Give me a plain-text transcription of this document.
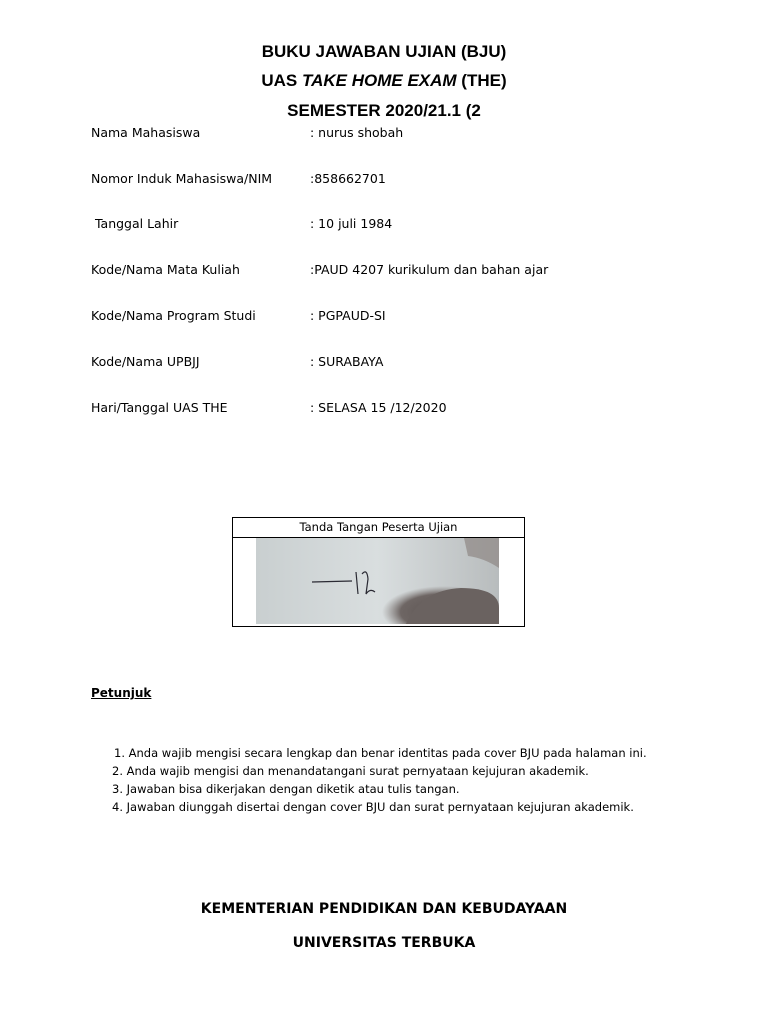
BUKU JAWABAN UJIAN (BJU)
UAS TAKE HOME EXAM (THE)
SEMESTER 2020/21.1 (2
Nama Mahasiswa	: nurus shobah
Nomor Induk Mahasiswa/NIM	:858662701
Tanggal Lahir	: 10 juli 1984
Kode/Nama Mata Kuliah	:PAUD 4207 kurikulum dan bahan ajar
Kode/Nama Program Studi	: PGPAUD-SI
Kode/Nama UPBJJ	: SURABAYA
Hari/Tanggal UAS THE	: SELASA 15 /12/2020
Tanda Tangan Peserta Ujian
Petunjuk
1. Anda wajib mengisi secara lengkap dan benar identitas pada cover BJU pada halaman ini.
2. Anda wajib mengisi dan menandatangani surat pernyataan kejujuran akademik.
3. Jawaban bisa dikerjakan dengan diketik atau tulis tangan.
4. Jawaban diunggah disertai dengan cover BJU dan surat pernyataan kejujuran akademik.
KEMENTERIAN PENDIDIKAN DAN KEBUDAYAAN
UNIVERSITAS TERBUKA
